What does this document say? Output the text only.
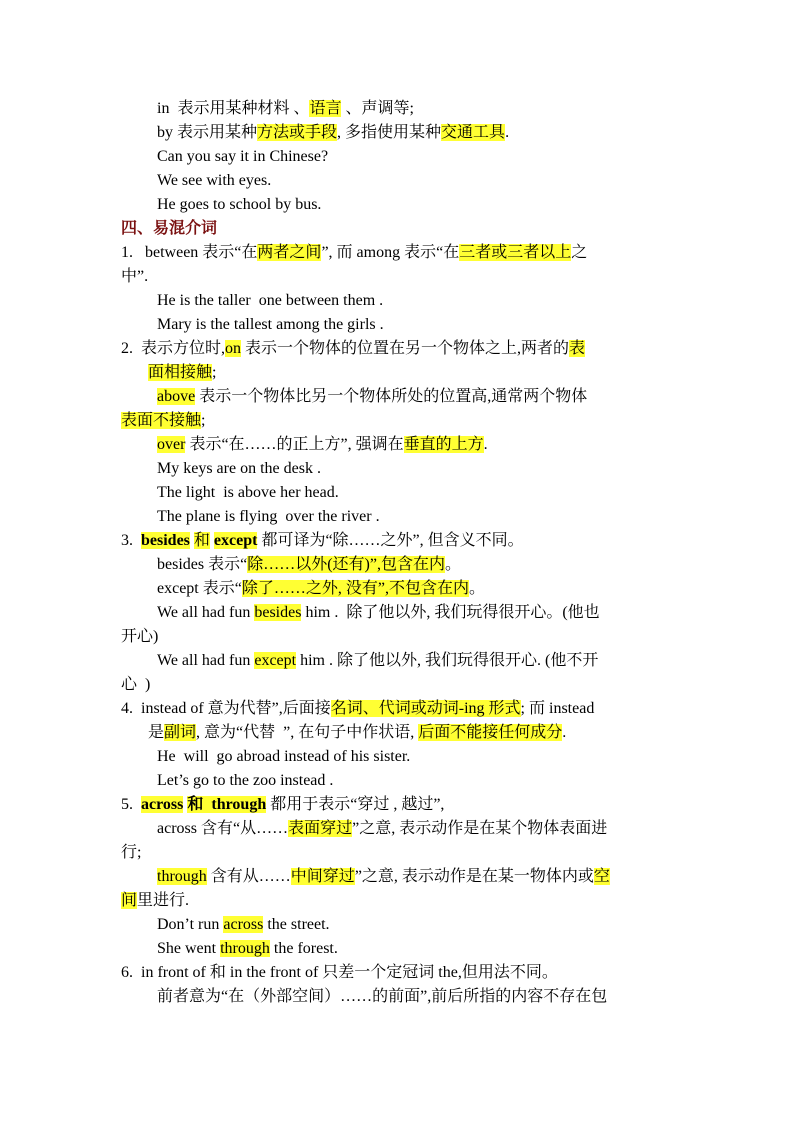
in  表示用某种材料 、语言 、声调等;
by 表示用某种方法或手段, 多指使用某种交通工具.
Can you say it in Chinese?
We see with eyes.
He goes to school by bus.
四、易混介词
1.   between 表示“在两者之间”, 而 among 表示“在三者或三者以上之
中”.
He is the taller  one between them .
Mary is the tallest among the girls .
2.  表示方位时,on 表示一个物体的位置在另一个物体之上,两者的表
面相接触;
above 表示一个物体比另一个物体所处的位置高,通常两个物体
表面不接触;
over 表示“在……的正上方”, 强调在垂直的上方.
My keys are on the desk .
The light  is above her head.
The plane is flying  over the river .
3.  besides 和 except 都可译为“除……之外”, 但含义不同。
besides 表示“除……以外(还有)”,包含在内。
except 表示“除了……之外, 没有”,不包含在内。
We all had fun besides him .  除了他以外, 我们玩得很开心。(他也
开心)
We all had fun except him . 除了他以外, 我们玩得很开心. (他不开
心  )
4.  instead of 意为代替”,后面接名词、代词或动词-ing 形式; 而 instead
是副词, 意为“代替  ”, 在句子中作状语, 后面不能接任何成分.
He  will  go abroad instead of his sister.
Let’s go to the zoo instead .
5.  across 和  through 都用于表示“穿过 , 越过”,
across 含有“从……表面穿过”之意, 表示动作是在某个物体表面进
行;
through 含有从……中间穿过”之意, 表示动作是在某一物体内或空
间里进行.
Don’t run across the street.
She went through the forest.
6.  in front of 和 in the front of 只差一个定冠词 the,但用法不同。
前者意为“在（外部空间）……的前面”,前后所指的内容不存在包
